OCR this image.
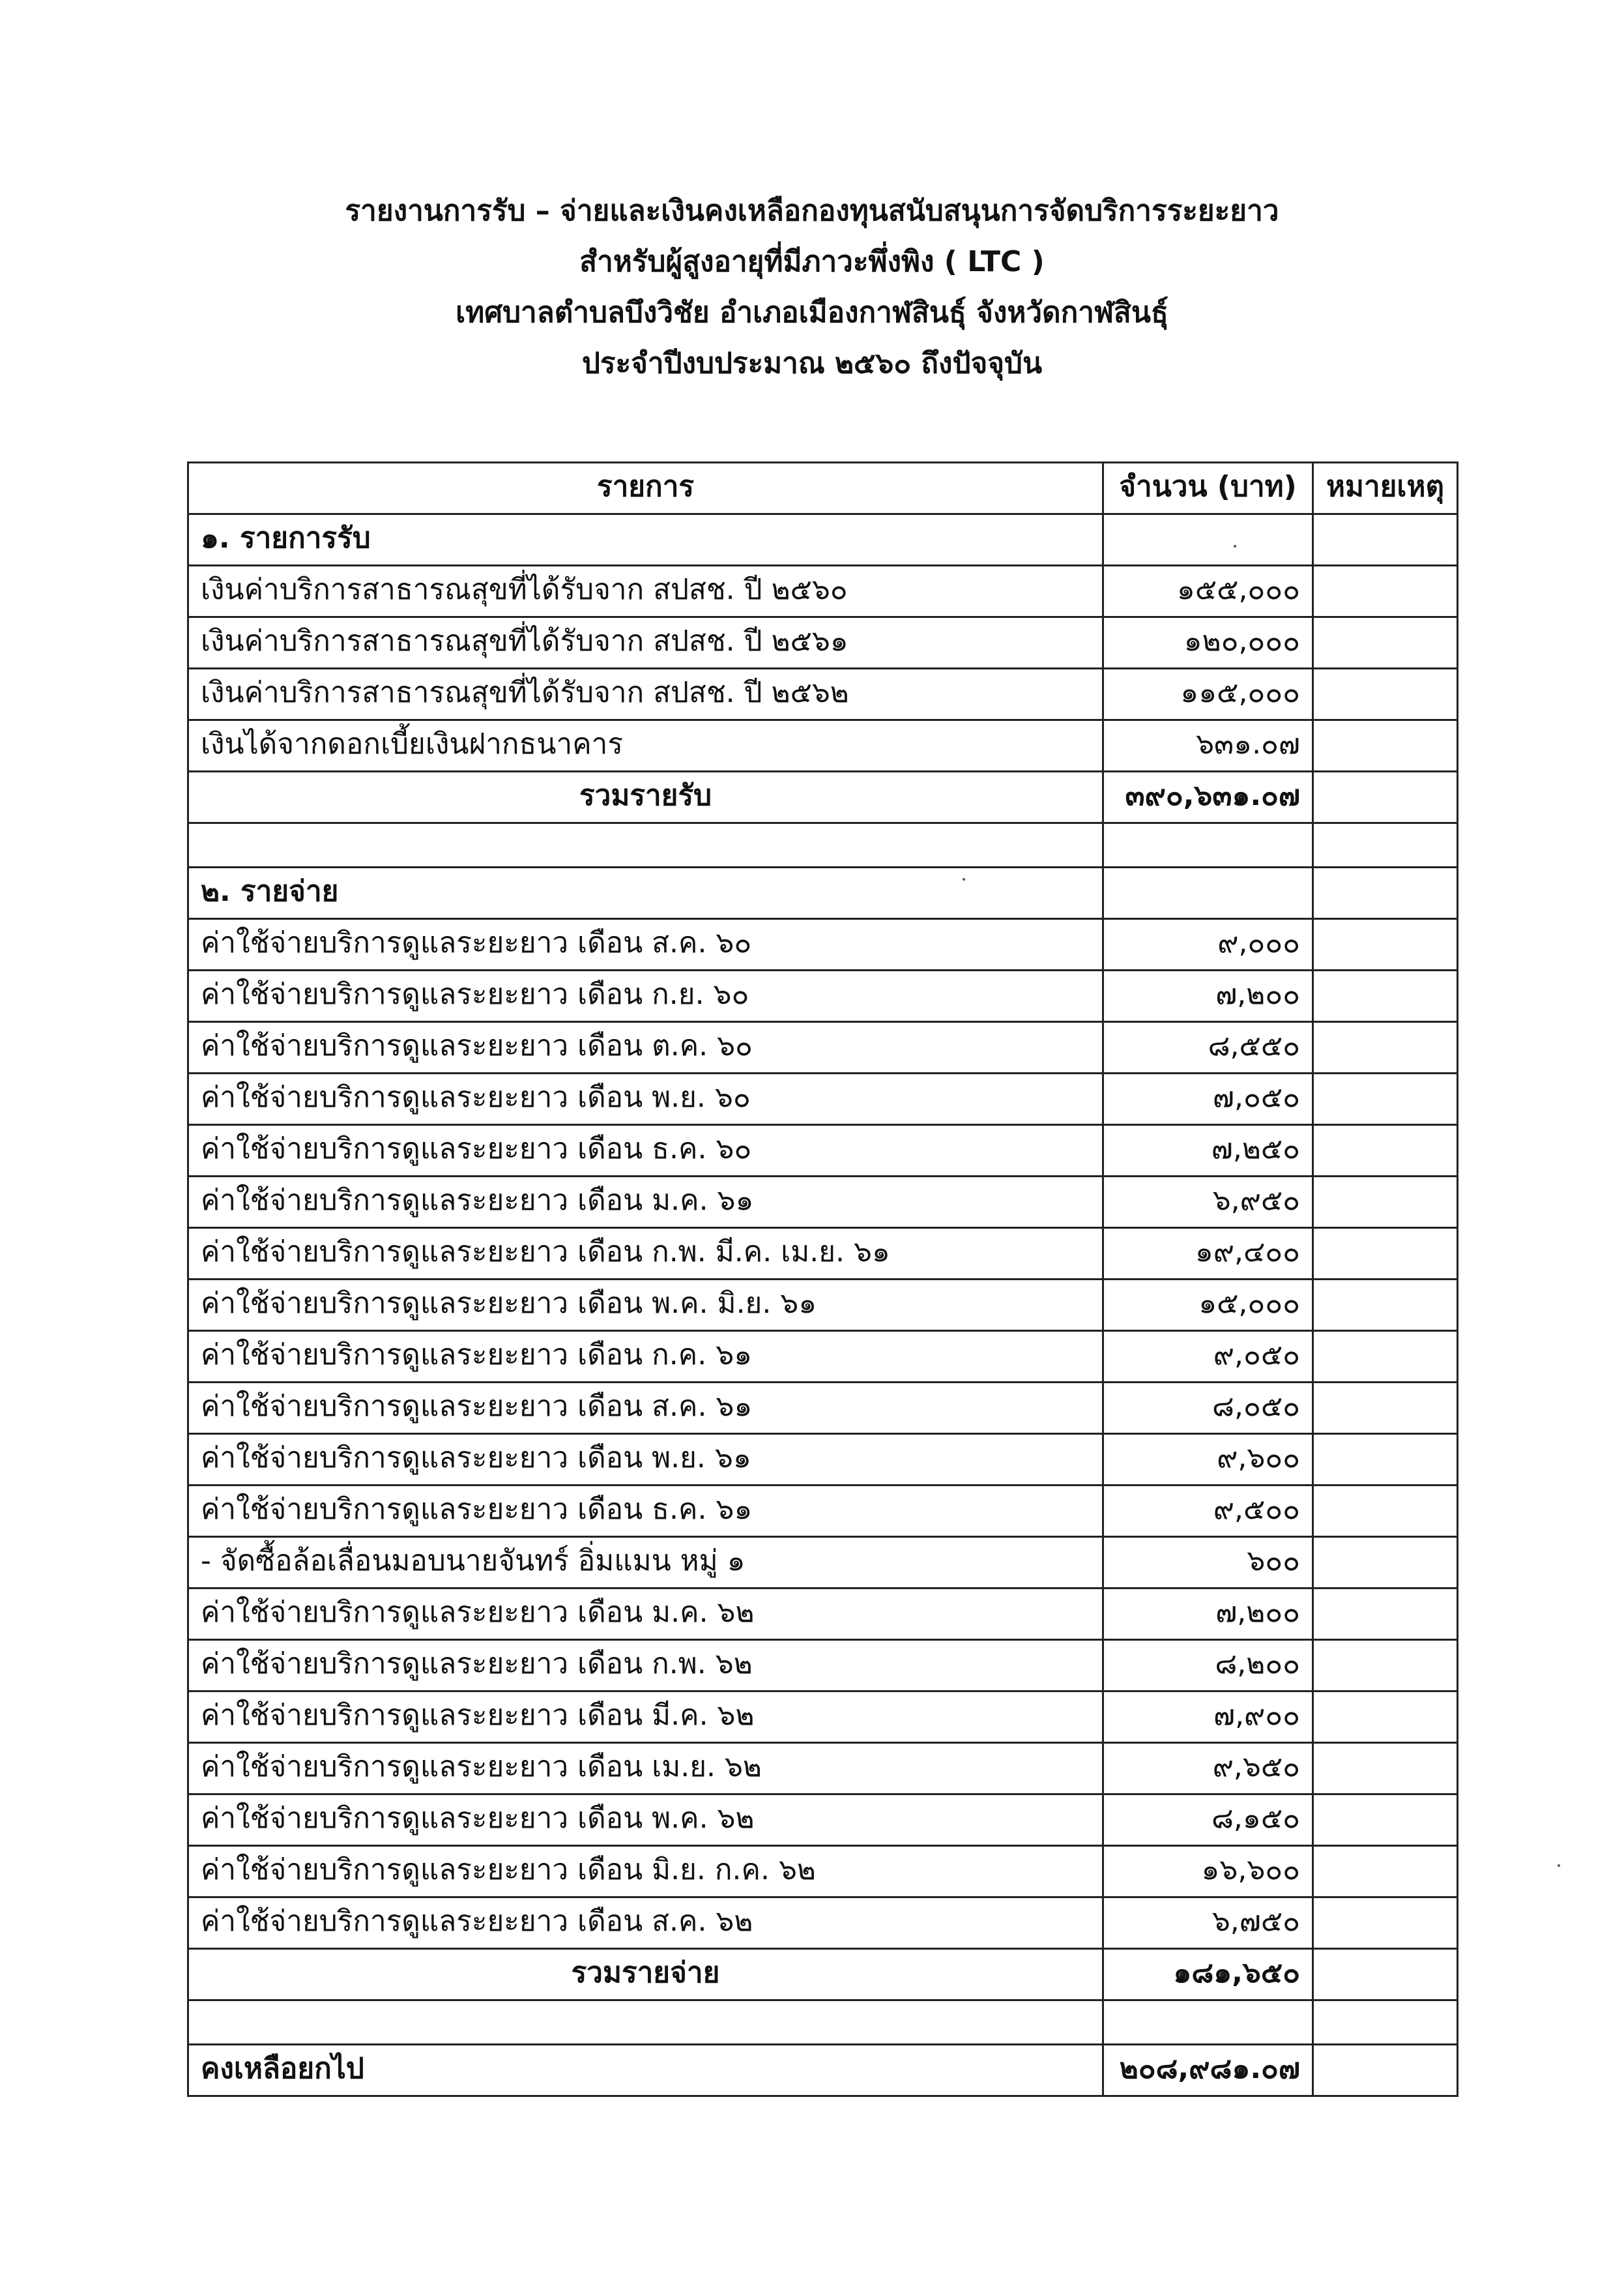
รายงานการรับ – จ่ายและเงินคงเหลือกองทุนสนับสนุนการจัดบริการระยะยาว
สำหรับผู้สูงอายุที่มีภาวะพึ่งพิง ( LTC )
เทศบาลตำบลบึงวิชัย อำเภอเมืองกาฬสินธุ์ จังหวัดกาฬสินธุ์
ประจำปีงบประมาณ ๒๕๖๐ ถึงปัจจุบัน
รายการ	จำนวน (บาท)	หมายเหตุ
๑. รายการรับ		
เงินค่าบริการสาธารณสุขที่ได้รับจาก สปสช. ปี ๒๕๖๐	๑๕๕,๐๐๐	
เงินค่าบริการสาธารณสุขที่ได้รับจาก สปสช. ปี ๒๕๖๑	๑๒๐,๐๐๐	
เงินค่าบริการสาธารณสุขที่ได้รับจาก สปสช. ปี ๒๕๖๒	๑๑๕,๐๐๐	
เงินได้จากดอกเบี้ยเงินฝากธนาคาร	๖๓๑.๐๗	
รวมรายรับ	๓๙๐,๖๓๑.๐๗	

๒. รายจ่าย		
ค่าใช้จ่ายบริการดูแลระยะยาว เดือน ส.ค. ๖๐	๙,๐๐๐	
ค่าใช้จ่ายบริการดูแลระยะยาว เดือน ก.ย. ๖๐	๗,๒๐๐	
ค่าใช้จ่ายบริการดูแลระยะยาว เดือน ต.ค. ๖๐	๘,๕๕๐	
ค่าใช้จ่ายบริการดูแลระยะยาว เดือน พ.ย. ๖๐	๗,๐๕๐	
ค่าใช้จ่ายบริการดูแลระยะยาว เดือน ธ.ค. ๖๐	๗,๒๕๐	
ค่าใช้จ่ายบริการดูแลระยะยาว เดือน ม.ค. ๖๑	๖,๙๕๐	
ค่าใช้จ่ายบริการดูแลระยะยาว เดือน ก.พ. มี.ค. เม.ย. ๖๑	๑๙,๔๐๐	
ค่าใช้จ่ายบริการดูแลระยะยาว เดือน พ.ค. มิ.ย. ๖๑	๑๕,๐๐๐	
ค่าใช้จ่ายบริการดูแลระยะยาว เดือน ก.ค. ๖๑	๙,๐๕๐	
ค่าใช้จ่ายบริการดูแลระยะยาว เดือน ส.ค. ๖๑	๘,๐๕๐	
ค่าใช้จ่ายบริการดูแลระยะยาว เดือน พ.ย. ๖๑	๙,๖๐๐	
ค่าใช้จ่ายบริการดูแลระยะยาว เดือน ธ.ค. ๖๑	๙,๕๐๐	
- จัดซื้อล้อเลื่อนมอบนายจันทร์ อิ่มแมน หมู่ ๑	๖๐๐	
ค่าใช้จ่ายบริการดูแลระยะยาว เดือน ม.ค. ๖๒	๗,๒๐๐	
ค่าใช้จ่ายบริการดูแลระยะยาว เดือน ก.พ. ๖๒	๘,๒๐๐	
ค่าใช้จ่ายบริการดูแลระยะยาว เดือน มี.ค. ๖๒	๗,๙๐๐	
ค่าใช้จ่ายบริการดูแลระยะยาว เดือน เม.ย. ๖๒	๙,๖๕๐	
ค่าใช้จ่ายบริการดูแลระยะยาว เดือน พ.ค. ๖๒	๘,๑๕๐	
ค่าใช้จ่ายบริการดูแลระยะยาว เดือน มิ.ย. ก.ค. ๖๒	๑๖,๖๐๐	
ค่าใช้จ่ายบริการดูแลระยะยาว เดือน ส.ค. ๖๒	๖,๗๕๐	
รวมรายจ่าย	๑๘๑,๖๕๐	

คงเหลือยกไป	๒๐๘,๙๘๑.๐๗	
